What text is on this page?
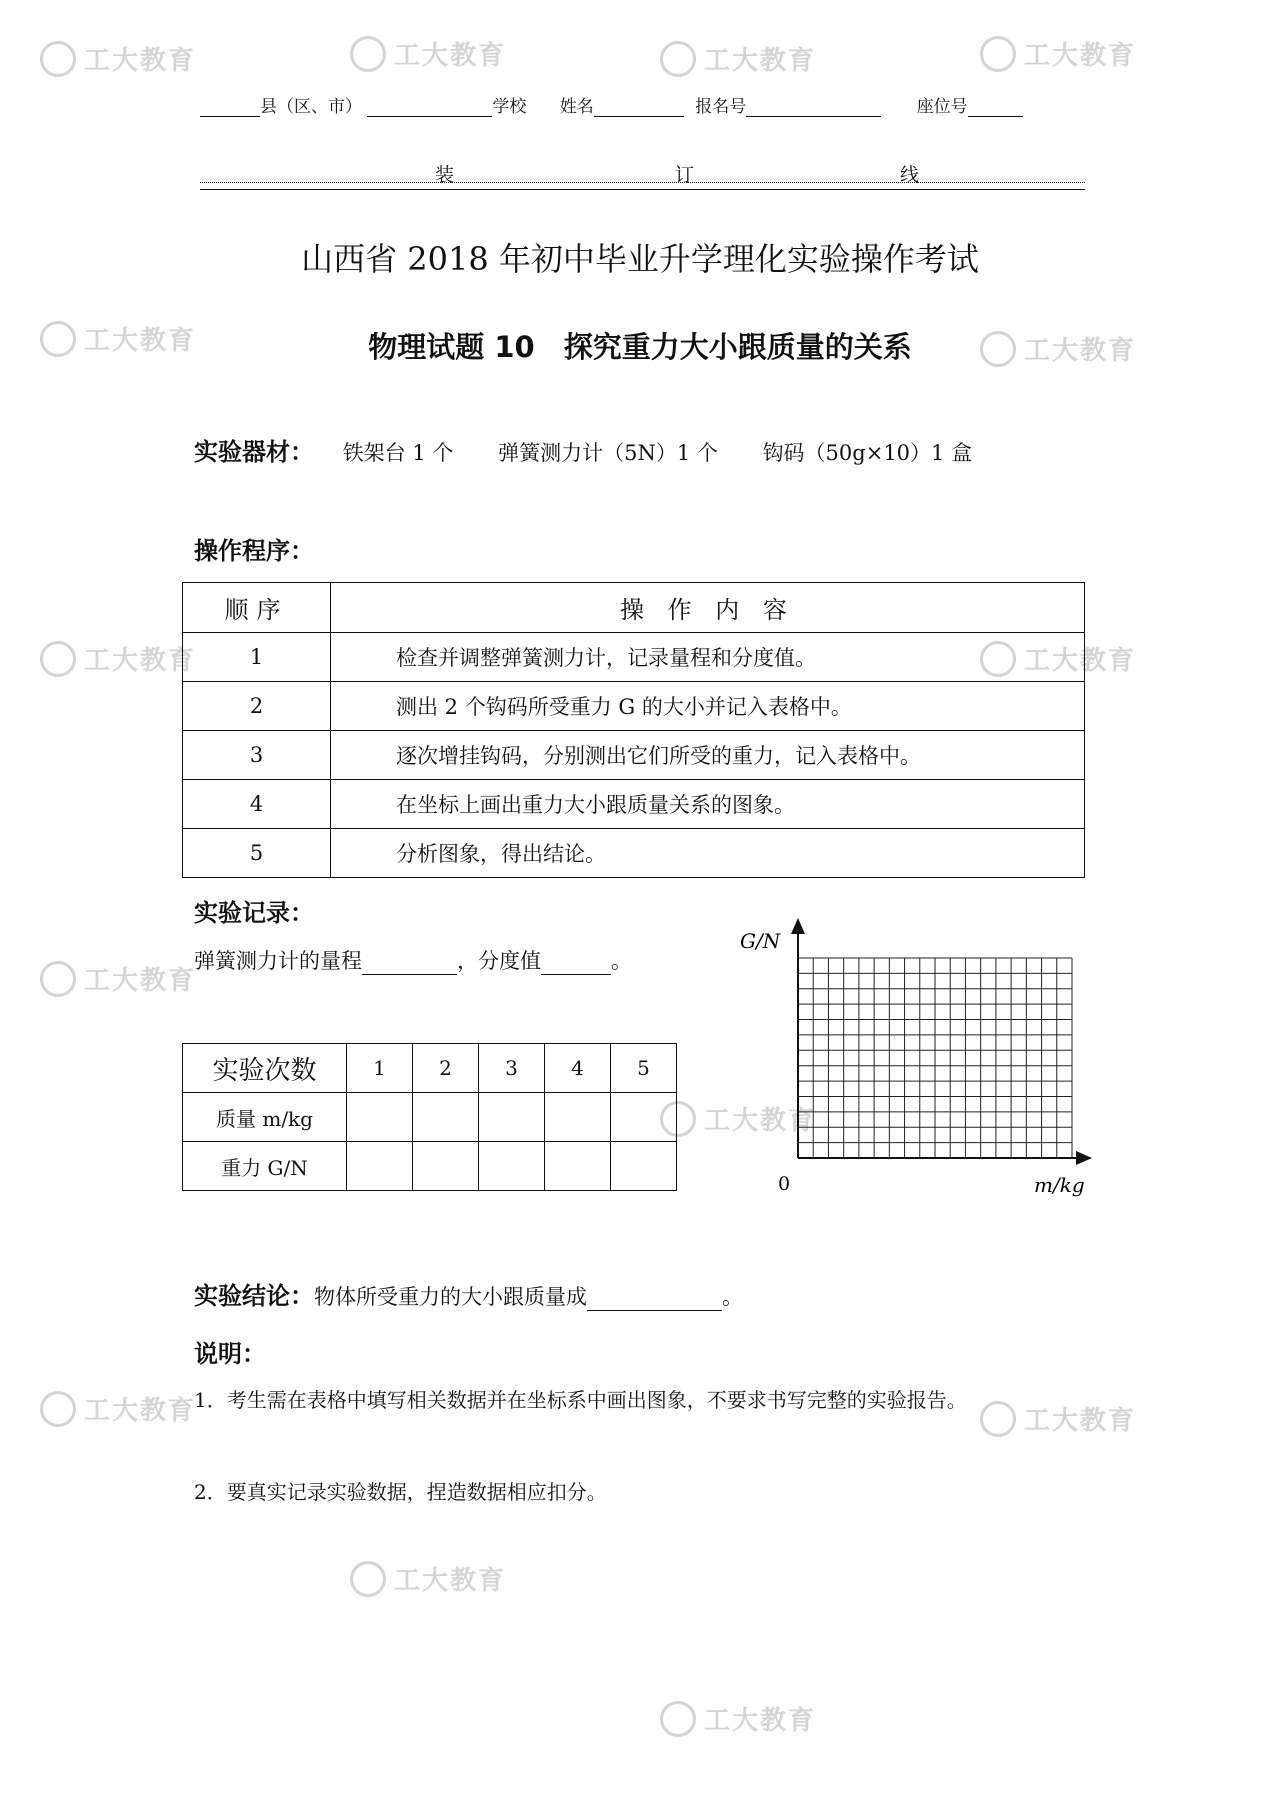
工大教育	工大教育	工大教育	工大教育
工大教育	工大教育
工大教育	工大教育
工大教育
工大教育
工大教育	工大教育
工大教育
工大教育
县（区、市）	学校 姓名	报名号	座位号
装	订	线
山西省 2018 年初中毕业升学理化实验操作考试
物理试题 10　探究重力大小跟质量的关系
实验器材： 铁架台 1 个 弹簧测力计（5N）1 个 钩码（50g×10）1 盒
操作程序：
顺序	操 作 内 容
1	检查并调整弹簧测力计，记录量程和分度值。
2	测出 2 个钩码所受重力 G 的大小并记入表格中。
3	逐次增挂钩码，分别测出它们所受的重力，记入表格中。
4	在坐标上画出重力大小跟质量关系的图象。
5	分析图象，得出结论。
实验记录：
弹簧测力计的量程	，分度值	。
实验次数	1	2	3	4	5
质量 m/kg					
重力 G/N					
G/N
m/kg
0
实验结论：物体所受重力的大小跟质量成	。
说明：
1．考生需在表格中填写相关数据并在坐标系中画出图象，不要求书写完整的实验报告。
2．要真实记录实验数据，捏造数据相应扣分。
